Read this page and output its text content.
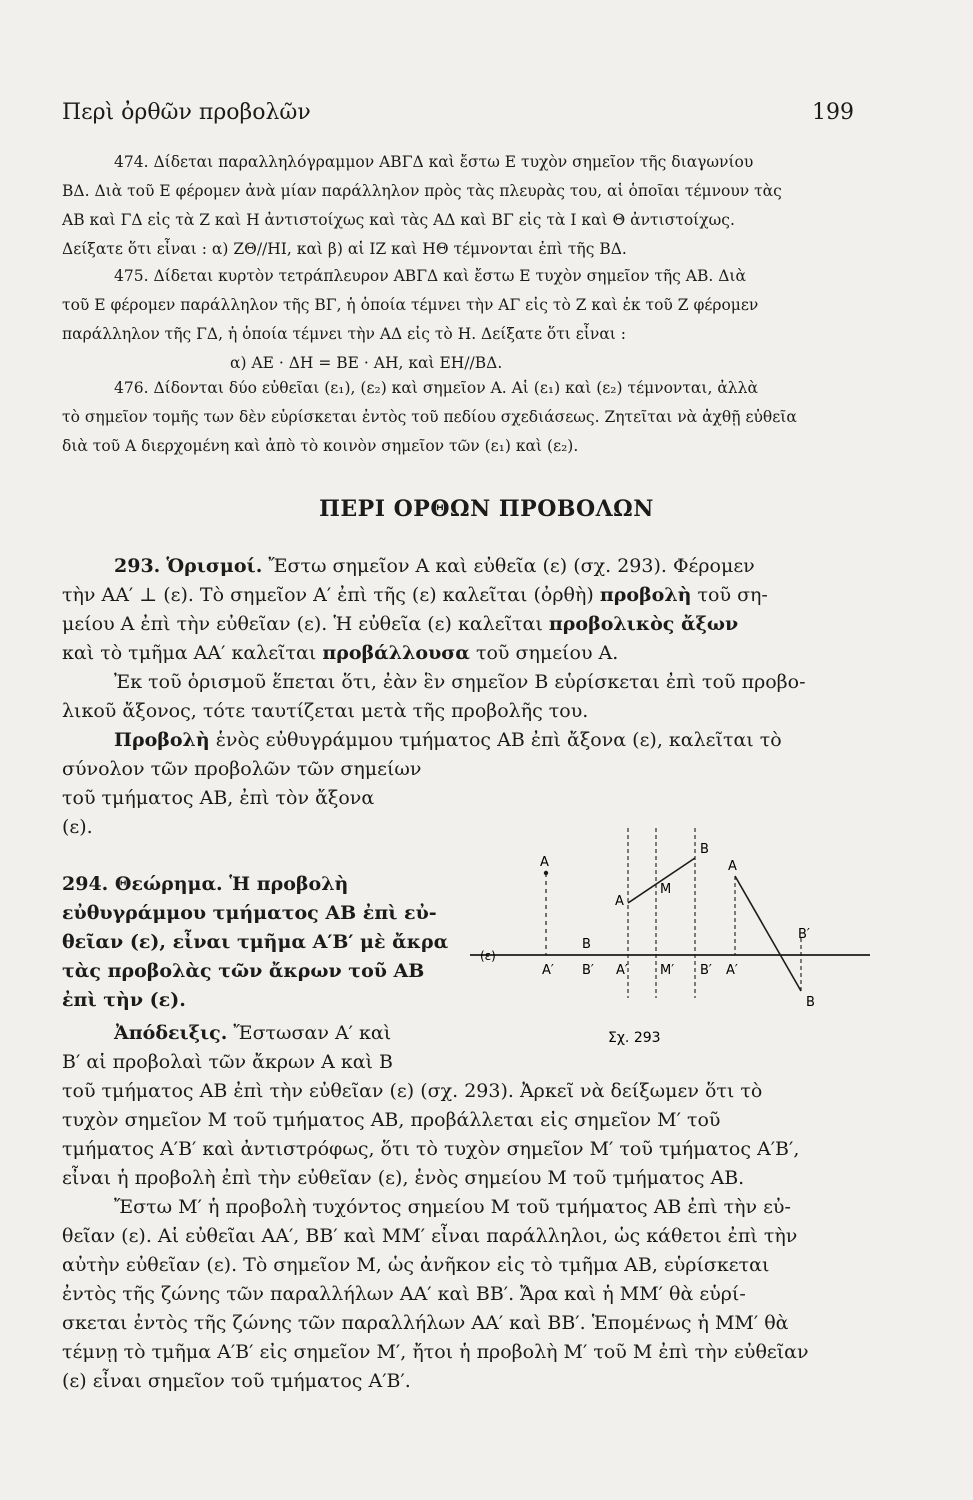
Περὶ ὀρθῶν προβολῶν	199
474. Δίδεται παραλληλόγραμμον ΑΒΓΔ καὶ ἔστω Ε τυχὸν σημεῖον τῆς διαγωνίου
ΒΔ. Διὰ τοῦ Ε φέρομεν ἀνὰ μίαν παράλληλον πρὸς τὰς πλευρὰς του, αἱ ὁποῖαι τέμνουν τὰς
ΑΒ καὶ ΓΔ εἰς τὰ Ζ καὶ Η ἀντιστοίχως καὶ τὰς ΑΔ καὶ ΒΓ εἰς τὰ Ι καὶ Θ ἀντιστοίχως.
Δείξατε ὅτι εἶναι : α) ΖΘ//ΗΙ, καὶ β) αἱ ΙΖ καὶ ΗΘ τέμνονται ἐπὶ τῆς ΒΔ.
475. Δίδεται κυρτὸν τετράπλευρον ΑΒΓΔ καὶ ἔστω Ε τυχὸν σημεῖον τῆς ΑΒ. Διὰ
τοῦ Ε φέρομεν παράλληλον τῆς ΒΓ, ἡ ὁποία τέμνει τὴν ΑΓ εἰς τὸ Ζ καὶ ἐκ τοῦ Ζ φέρομεν
παράλληλον τῆς ΓΔ, ἡ ὁποία τέμνει τὴν ΑΔ εἰς τὸ Η. Δείξατε ὅτι εἶναι :
α) ΑΕ · ΔΗ = ΒΕ · ΑΗ, καὶ ΕΗ//ΒΔ.
476. Δίδονται δύο εὐθεῖαι (ε₁), (ε₂) καὶ σημεῖον Α. Αἱ (ε₁) καὶ (ε₂) τέμνονται, ἀλλὰ
τὸ σημεῖον τομῆς των δὲν εὑρίσκεται ἐντὸς τοῦ πεδίου σχεδιάσεως. Ζητεῖται νὰ ἀχθῇ εὐθεῖα
διὰ τοῦ Α διερχομένη καὶ ἀπὸ τὸ κοινὸν σημεῖον τῶν (ε₁) καὶ (ε₂).
ΠΕΡΙ ΟΡΘΩΝ ΠΡΟΒΟΛΩΝ
293. Ὁρισμοί. Ἔστω σημεῖον Α καὶ εὐθεῖα (ε) (σχ. 293). Φέρομεν
τὴν ΑΑ′ ⊥ (ε). Τὸ σημεῖον Α′ ἐπὶ τῆς (ε) καλεῖται (ὀρθὴ) προβολὴ τοῦ ση-
μείου Α ἐπὶ τὴν εὐθεῖαν (ε). Ἡ εὐθεῖα (ε) καλεῖται προβολικὸς ἄξων
καὶ τὸ τμῆμα ΑΑ′ καλεῖται προβάλλουσα τοῦ σημείου Α.
Ἐκ τοῦ ὁρισμοῦ ἕπεται ὅτι, ἐὰν ἓν σημεῖον Β εὑρίσκεται ἐπὶ τοῦ προβο-
λικοῦ ἄξονος, τότε ταυτίζεται μετὰ τῆς προβολῆς του.
Προβολὴ ἑνὸς εὐθυγράμμου τμήματος ΑΒ ἐπὶ ἄξονα (ε), καλεῖται τὸ
σύνολον τῶν προβολῶν τῶν σημείων
τοῦ τμήματος ΑΒ, ἐπὶ τὸν ἄξονα
(ε).
294. Θεώρημα. Ἡ προβολὴ
εὐθυγράμμου τμήματος ΑΒ ἐπὶ εὐ-
θεῖαν (ε), εἶναι τμῆμα Α′Β′ μὲ ἄκρα
τὰς προβολὰς τῶν ἄκρων τοῦ ΑΒ
ἐπὶ τὴν (ε).
Ἀπόδειξις. Ἔστωσαν Α′ καὶ
Β′ αἱ προβολαὶ τῶν ἄκρων Α καὶ Β
τοῦ τμήματος ΑΒ ἐπὶ τὴν εὐθεῖαν (ε) (σχ. 293). Ἀρκεῖ νὰ δείξωμεν ὅτι τὸ
τυχὸν σημεῖον Μ τοῦ τμήματος ΑΒ, προβάλλεται εἰς σημεῖον Μ′ τοῦ
τμήματος Α′Β′ καὶ ἀντιστρόφως, ὅτι τὸ τυχὸν σημεῖον Μ′ τοῦ τμήματος Α′Β′,
εἶναι ἡ προβολὴ ἐπὶ τὴν εὐθεῖαν (ε), ἑνὸς σημείου Μ τοῦ τμήματος ΑΒ.
Ἔστω Μ′ ἡ προβολὴ τυχόντος σημείου Μ τοῦ τμήματος ΑΒ ἐπὶ τὴν εὐ-
θεῖαν (ε). Αἱ εὐθεῖαι ΑΑ′, ΒΒ′ καὶ ΜΜ′ εἶναι παράλληλοι, ὡς κάθετοι ἐπὶ τὴν
αὐτὴν εὐθεῖαν (ε). Τὸ σημεῖον Μ, ὡς ἀνῆκον εἰς τὸ τμῆμα ΑΒ, εὑρίσκεται
ἐντὸς τῆς ζώνης τῶν παραλλήλων ΑΑ′ καὶ ΒΒ′. Ἄρα καὶ ἡ ΜΜ′ θὰ εὑρί-
σκεται ἐντὸς τῆς ζώνης τῶν παραλλήλων ΑΑ′ καὶ ΒΒ′. Ἑπομένως ἡ ΜΜ′ θὰ
τέμνῃ τὸ τμῆμα Α′Β′ εἰς σημεῖον Μ′, ἤτοι ἡ προβολὴ Μ′ τοῦ Μ ἐπὶ τὴν εὐθεῖαν
(ε) εἶναι σημεῖον τοῦ τμήματος Α′Β′.
(ε)
A
B
A′ B′
A
B
M
A′ M′ B′
A
B′
B
A′
Σχ. 293
